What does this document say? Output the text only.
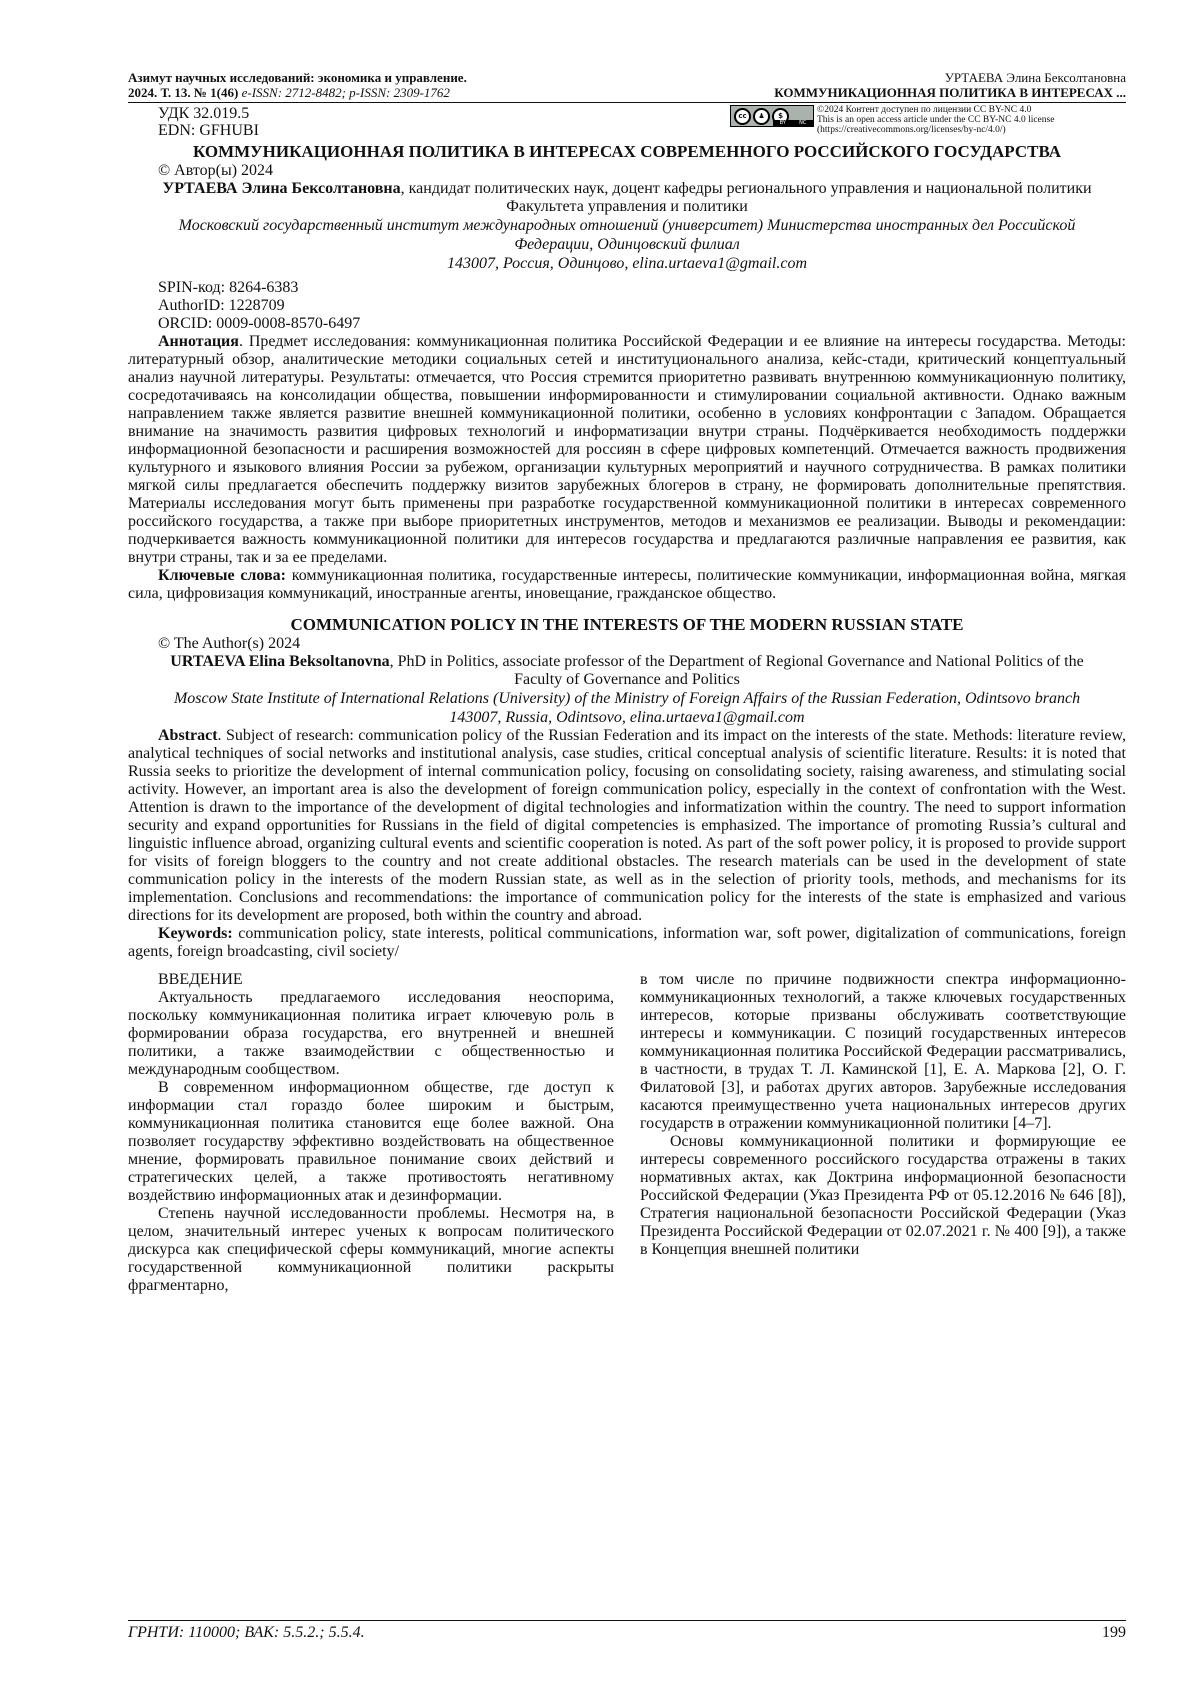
Азимут научных исследований: экономика и управление.
2024. Т. 13. № 1(46) e-ISSN: 2712-8482; p-ISSN: 2309-1762
УРТАЕВА Элина Бексолтановна
КОММУНИКАЦИОННАЯ ПОЛИТИКА В ИНТЕРЕСАХ ...
УДК 32.019.5
EDN: GFHUBI
cc	♟	$
BY	NC
©2024 Контент доступен по лицензии CC BY-NC 4.0
This is an open access article under the CC BY-NC 4.0 license
(https://creativecommons.org/licenses/by-nc/4.0/)
КОММУНИКАЦИОННАЯ ПОЛИТИКА В ИНТЕРЕСАХ СОВРЕМЕННОГО РОССИЙСКОГО ГОСУДАРСТВА
© Автор(ы) 2024
УРТАЕВА Элина Бексолтановна, кандидат политических наук, доцент кафедры регионального управления и национальной политики Факультета управления и политики
Московский государственный институт международных отношений (университет) Министерства иностранных дел Российской Федерации, Одинцовский филиал
143007, Россия, Одинцово, elina.urtaeva1@gmail.com
SPIN-код: 8264-6383
AuthorID: 1228709
ORCID: 0009-0008-8570-6497
Аннотация. Предмет исследования: коммуникационная политика Российской Федерации и ее влияние на интересы государства. Методы: литературный обзор, аналитические методики социальных сетей и институционального анализа, кейс-стади, критический концептуальный анализ научной литературы. Результаты: отмечается, что Россия стремится приоритетно развивать внутреннюю коммуникационную политику, сосредотачиваясь на консолидации общества, повышении информированности и стимулировании социальной активности. Однако важным направлением также является развитие внешней коммуникационной политики, особенно в условиях конфронтации с Западом. Обращается внимание на значимость развития цифровых технологий и информатизации внутри страны. Подчёркивается необходимость поддержки информационной безопасности и расширения возможностей для россиян в сфере цифровых компетенций. Отмечается важность продвижения культурного и языкового влияния России за рубежом, организации культурных мероприятий и научного сотрудничества. В рамках политики мягкой силы предлагается обеспечить поддержку визитов зарубежных блогеров в страну, не формировать дополнительные препятствия. Материалы исследования могут быть применены при разработке государственной коммуникационной политики в интересах современного российского государства, а также при выборе приоритетных инструментов, методов и механизмов ее реализации. Выводы и рекомендации: подчеркивается важность коммуникационной политики для интересов государства и предлагаются различные направления ее развития, как внутри страны, так и за ее пределами.
Ключевые слова: коммуникационная политика, государственные интересы, политические коммуникации, информационная война, мягкая сила, цифровизация коммуникаций, иностранные агенты, иновещание, гражданское общество.
COMMUNICATION POLICY IN THE INTERESTS OF THE MODERN RUSSIAN STATE
© The Author(s) 2024
URTAEVA Elina Beksoltanovna, PhD in Politics, associate professor of the Department of Regional Governance and National Politics of the Faculty of Governance and Politics
Moscow State Institute of International Relations (University) of the Ministry of Foreign Affairs of the Russian Federation, Odintsovo branch
143007, Russia, Odintsovo, elina.urtaeva1@gmail.com
Abstract. Subject of research: communication policy of the Russian Federation and its impact on the interests of the state. Methods: literature review, analytical techniques of social networks and institutional analysis, case studies, critical conceptual analysis of scientific literature. Results: it is noted that Russia seeks to prioritize the development of internal communication policy, focusing on consolidating society, raising awareness, and stimulating social activity. However, an important area is also the development of foreign communication policy, especially in the context of confrontation with the West. Attention is drawn to the importance of the development of digital technologies and informatization within the country. The need to support information security and expand opportunities for Russians in the field of digital competencies is emphasized. The importance of promoting Russia’s cultural and linguistic influence abroad, organizing cultural events and scientific cooperation is noted. As part of the soft power policy, it is proposed to provide support for visits of foreign bloggers to the country and not create additional obstacles. The research materials can be used in the development of state communication policy in the interests of the modern Russian state, as well as in the selection of priority tools, methods, and mechanisms for its implementation. Conclusions and recommendations: the importance of communication policy for the interests of the state is emphasized and various directions for its development are proposed, both within the country and abroad.
Keywords: communication policy, state interests, political communications, information war, soft power, digitalization of communications, foreign agents, foreign broadcasting, civil society/
ВВЕДЕНИЕ

Актуальность предлагаемого исследования неоспорима, поскольку коммуникационная политика играет ключевую роль в формировании образа государства, его внутренней и внешней политики, а также взаимодействии с общественностью и международным сообществом.

В современном информационном обществе, где доступ к информации стал гораздо более широким и быстрым, коммуникационная политика становится еще более важной. Она позволяет государству эффективно воздействовать на общественное мнение, формировать правильное понимание своих действий и стратегических целей, а также противостоять негативному воздействию информационных атак и дезинформации.

Степень научной исследованности проблемы. Несмотря на, в целом, значительный интерес ученых к вопросам политического дискурса как специфической сферы коммуникаций, многие аспекты государственной коммуникационной политики раскрыты фрагментарно,

в том числе по причине подвижности спектра информационно-коммуникационных технологий, а также ключевых государственных интересов, которые призваны обслуживать соответствующие интересы и коммуникации. С позиций государственных интересов коммуникационная политика Российской Федерации рассматривались, в частности, в трудах Т. Л. Каминской [1], Е. А. Маркова [2], О. Г. Филатовой [3], и работах других авторов. Зарубежные исследования касаются преимущественно учета национальных интересов других государств в отражении коммуникационной политики [4–7].

Основы коммуникационной политики и формирующие ее интересы современного российского государства отражены в таких нормативных актах, как Доктрина информационной безопасности Российской Федерации (Указ Президента РФ от 05.12.2016 № 646 [8]), Стратегия национальной безопасности Российской Федерации (Указ Президента Российской Федерации от 02.07.2021 г. № 400 [9]), а также в Концепция внешней политики

ГРНТИ: 110000; ВАК: 5.5.2.; 5.5.4.	199
